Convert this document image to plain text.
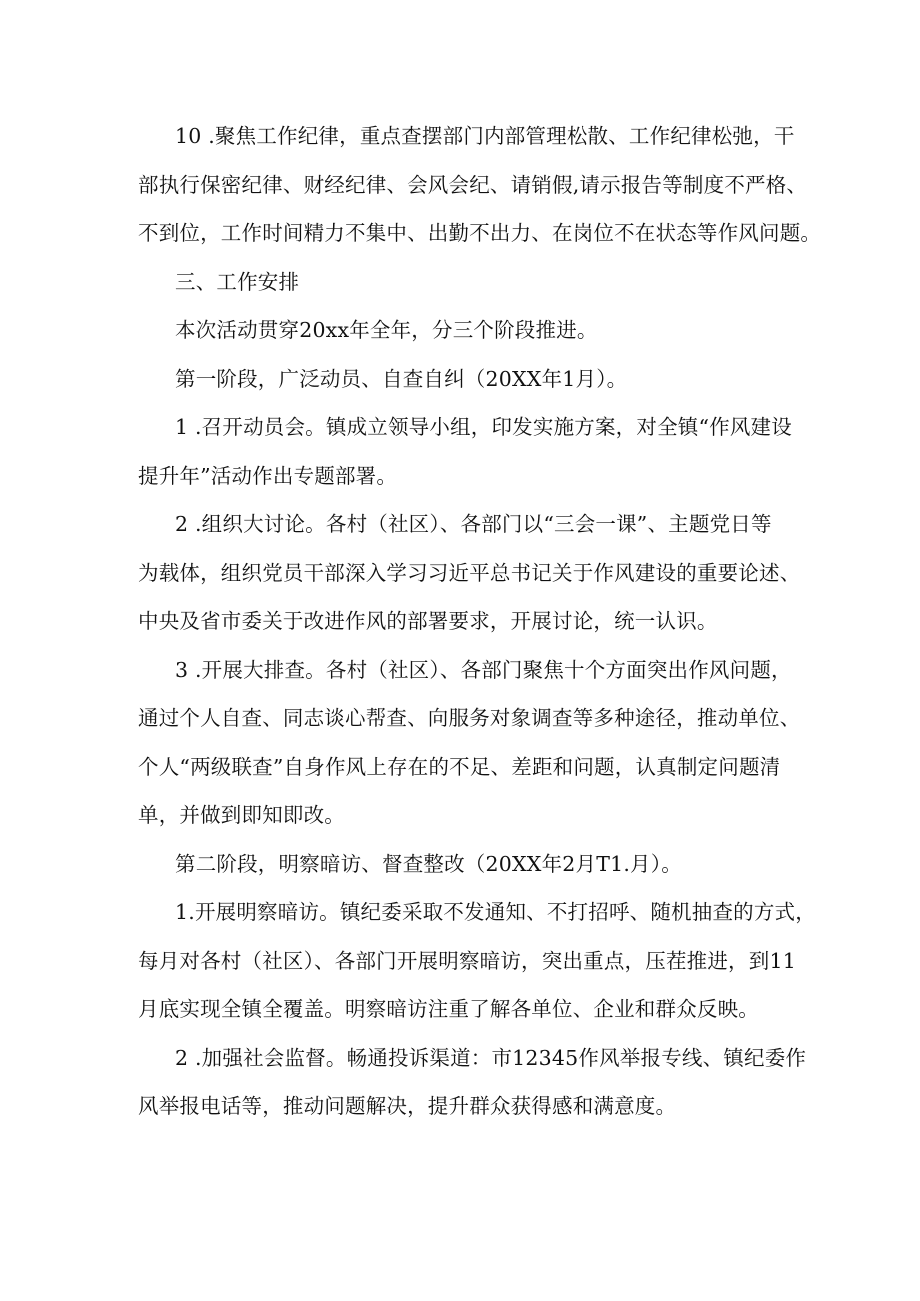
10 .聚焦工作纪律，重点查摆部门内部管理松散、工作纪律松弛，干
部执行保密纪律、财经纪律、会风会纪、请销假,请示报告等制度不严格、
不到位，工作时间精力不集中、出勤不出力、在岗位不在状态等作风问题。
三、工作安排
本次活动贯穿20xx年全年，分三个阶段推进。
第一阶段，广泛动员、自查自纠（20XX年1月）。
1 .召开动员会。镇成立领导小组，印发实施方案，对全镇“作风建设
提升年”活动作出专题部署。
2 .组织大讨论。各村（社区）、各部门以“三会一课”、主题党日等
为载体，组织党员干部深入学习习近平总书记关于作风建设的重要论述、
中央及省市委关于改进作风的部署要求，开展讨论，统一认识。
3 .开展大排查。各村（社区）、各部门聚焦十个方面突出作风问题，
通过个人自查、同志谈心帮查、向服务对象调查等多种途径，推动单位、
个人“两级联查”自身作风上存在的不足、差距和问题，认真制定问题清
单，并做到即知即改。
第二阶段，明察暗访、督查整改（20XX年2月T1.月）。
1.开展明察暗访。镇纪委采取不发通知、不打招呼、随机抽查的方式，
每月对各村（社区）、各部门开展明察暗访，突出重点，压茬推进，到11
月底实现全镇全覆盖。明察暗访注重了解各单位、企业和群众反映。
2 .加强社会监督。畅通投诉渠道：市12345作风举报专线、镇纪委作
风举报电话等，推动问题解决，提升群众获得感和满意度。
